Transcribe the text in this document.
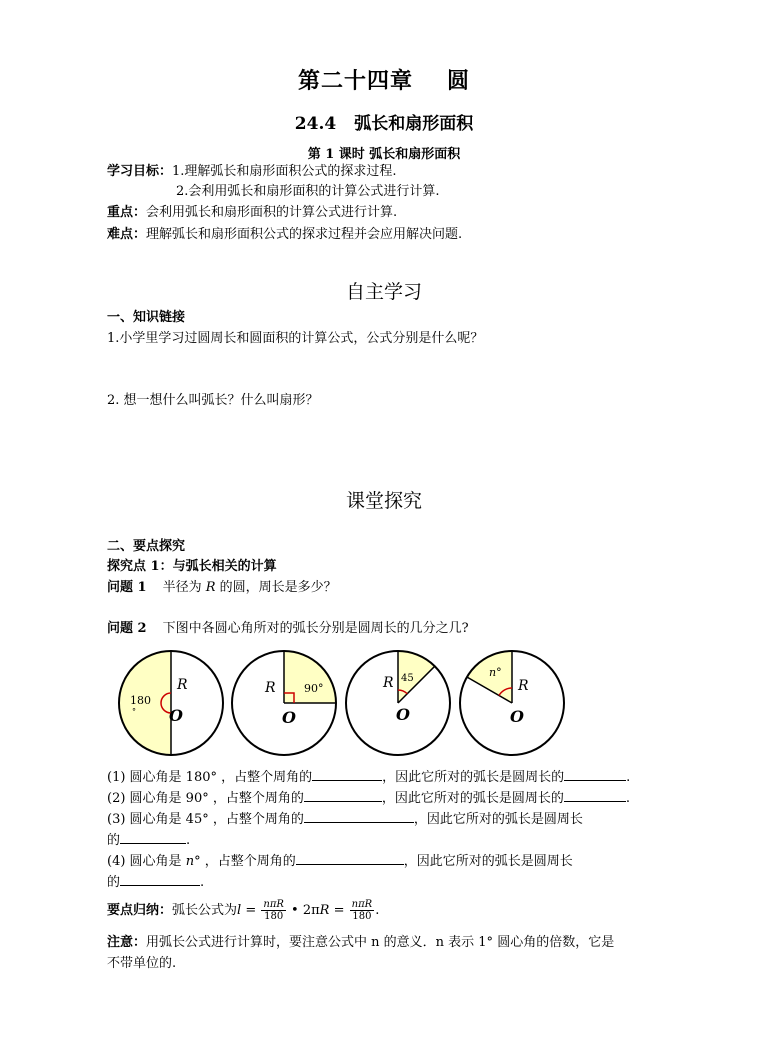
第二十四章 圆
24.4 弧长和扇形面积
第 1 课时 弧长和扇形面积
学习目标：1.理解弧长和扇形面积公式的探求过程.
2.会利用弧长和扇形面积的计算公式进行计算.
重点：会利用弧长和扇形面积的计算公式进行计算.
难点：理解弧长和扇形面积公式的探求过程并会应用解决问题.
自主学习
一、知识链接
1.小学里学习过圆周长和圆面积的计算公式，公式分别是什么呢？
2. 想一想什么叫弧长？什么叫扇形？
课堂探究
二、要点探究
探究点 1：与弧长相关的计算
问题 1 半径为 R 的圆，周长是多少？
问题 2 下图中各圆心角所对的弧长分别是圆周长的几分之几?
180
°
R
O
90°
R
O
45
R
O
n°
R
O
(1) 圆心角是 180° ，占整个周角的	，因此它所对的弧长是圆周长的	.
(2) 圆心角是 90° ，占整个周角的	，因此它所对的弧长是圆周长的	.
(3) 圆心角是 45° ，占整个周角的	，因此它所对的弧长是圆周长
的	.
(4) 圆心角是 n° ，占整个周角的	，因此它所对的弧长是圆周长
的	.
要点归纳：弧长公式为$l = \frac{\text{nπR}}{180}$ • $2\pi R = \frac{\text{nπR}}{180}$ .
注意：用弧长公式进行计算时，要注意公式中 n 的意义．n 表示 1° 圆心角的倍数，它是
不带单位的.
